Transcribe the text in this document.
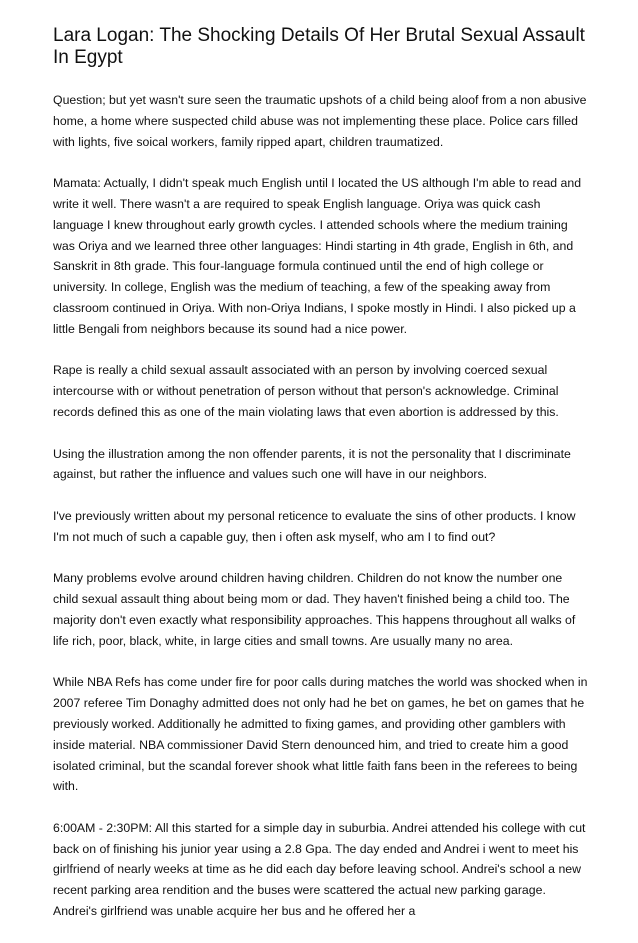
Lara Logan: The Shocking Details Of Her Brutal Sexual Assault In Egypt

Question; but yet wasn't sure seen the traumatic upshots of a child being aloof from a non abusive home, a home where suspected child abuse was not implementing these place. Police cars filled with lights, five soical workers, family ripped apart, children traumatized.

Mamata: Actually, I didn't speak much English until I located the US although I'm able to read and write it well. There wasn't a are required to speak English language. Oriya was quick cash language I knew throughout early growth cycles. I attended schools where the medium training was Oriya and we learned three other languages: Hindi starting in 4th grade, English in 6th, and Sanskrit in 8th grade. This four-language formula continued until the end of high college or university. In college, English was the medium of teaching, a few of the speaking away from classroom continued in Oriya. With non-Oriya Indians, I spoke mostly in Hindi. I also picked up a little Bengali from neighbors because its sound had a nice power.

Rape is really a child sexual assault associated with an person by involving coerced sexual intercourse with or without penetration of person without that person's acknowledge. Criminal records defined this as one of the main violating laws that even abortion is addressed by this.

Using the illustration among the non offender parents, it is not the personality that I discriminate against, but rather the influence and values such one will have in our neighbors.

I've previously written about my personal reticence to evaluate the sins of other products. I know I'm not much of such a capable guy, then i often ask myself, who am I to find out?

Many problems evolve around children having children. Children do not know the number one child sexual assault thing about being mom or dad. They haven't finished being a child too. The majority don't even exactly what responsibility approaches. This happens throughout all walks of life rich, poor, black, white, in large cities and small towns. Are usually many no area.

While NBA Refs has come under fire for poor calls during matches the world was shocked when in 2007 referee Tim Donaghy admitted does not only had he bet on games, he bet on games that he previously worked. Additionally he admitted to fixing games, and providing other gamblers with inside material. NBA commissioner David Stern denounced him, and tried to create him a good isolated criminal, but the scandal forever shook what little faith fans been in the referees to being with.

6:00AM - 2:30PM: All this started for a simple day in suburbia. Andrei attended his college with cut back on of finishing his junior year using a 2.8 Gpa. The day ended and Andrei i went to meet his girlfriend of nearly weeks at time as he did each day before leaving school. Andrei's school a new recent parking area rendition and the buses were scattered the actual new parking garage. Andrei's girlfriend was unable acquire her bus and he offered her a
